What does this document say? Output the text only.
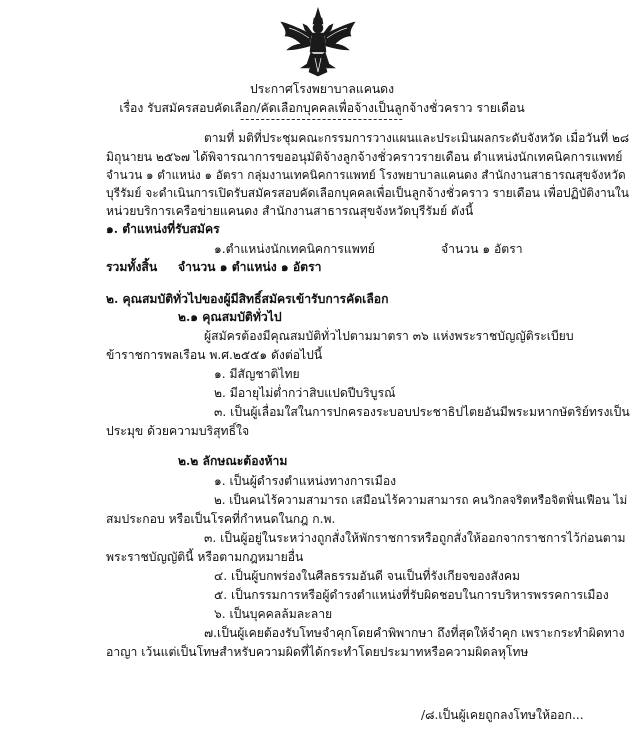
ประกาศโรงพยาบาลแคนดง
เรื่อง รับสมัครสอบคัดเลือก/คัดเลือกบุคคลเพื่อจ้างเป็นลูกจ้างชั่วคราว รายเดือน
--------------------------------
ตามที่ มติที่ประชุมคณะกรรมการวางแผนและประเมินผลกระดับจังหวัด เมื่อวันที่ ๒๘
มิถุนายน ๒๕๖๗ ได้พิจารณาการขออนุมัติจ้างลูกจ้างชั่วคราวรายเดือน ตำแหน่งนักเทคนิคการแพทย์
จำนวน ๑ ตำแหน่ง ๑ อัตรา กลุ่มงานเทคนิคการแพทย์ โรงพยาบาลแคนดง สำนักงานสาธารณสุขจังหวัด
บุรีรัมย์ จะดำเนินการเปิดรับสมัครสอบคัดเลือกบุคคลเพื่อเป็นลูกจ้างชั่วคราว รายเดือน เพื่อปฏิบัติงานใน
หน่วยบริการเครือข่ายแคนดง สำนักงานสาธารณสุขจังหวัดบุรีรัมย์ ดังนี้
๑. ตำแหน่งที่รับสมัคร
๑.ตำแหน่งนักเทคนิคการแพทย์	จำนวน ๑ อัตรา
รวมทั้งสิ้น จำนวน ๑ ตำแหน่ง ๑ อัตรา
๒. คุณสมบัติทั่วไปของผู้มีสิทธิ์สมัครเข้ารับการคัดเลือก
๒.๑ คุณสมบัติทั่วไป
ผู้สมัครต้องมีคุณสมบัติทั่วไปตามมาตรา ๓๖ แห่งพระราชบัญญัติระเบียบ
ข้าราชการพลเรือน พ.ศ.๒๕๕๑ ดังต่อไปนี้
๑. มีสัญชาติไทย
๒. มีอายุไม่ต่ำกว่าสิบแปดปีบริบูรณ์
๓. เป็นผู้เลื่อมใสในการปกครองระบอบประชาธิปไตยอันมีพระมหากษัตริย์ทรงเป็น
ประมุข ด้วยความบริสุทธิ์ใจ
๒.๒ ลักษณะต้องห้าม
๑. เป็นผู้ดำรงตำแหน่งทางการเมือง
๒. เป็นคนไร้ความสามารถ เสมือนไร้ความสามารถ คนวิกลจริตหรือจิตฟั่นเฟือน ไม่
สมประกอบ หรือเป็นโรคที่กำหนดในกฎ ก.พ.
๓. เป็นผู้อยู่ในระหว่างถูกสั่งให้พักราชการหรือถูกสั่งให้ออกจากราชการไว้ก่อนตาม
พระราชบัญญัตินี้ หรือตามกฎหมายอื่น
๔. เป็นผู้บกพร่องในศีลธรรมอันดี จนเป็นที่รังเกียจของสังคม
๕. เป็นกรรมการหรือผู้ดำรงตำแหน่งที่รับผิดชอบในการบริหารพรรคการเมือง
๖. เป็นบุคคลล้มละลาย
๗.เป็นผู้เคยต้องรับโทษจำคุกโดยคำพิพากษา ถึงที่สุดให้จำคุก เพราะกระทำผิดทาง
อาญา เว้นแต่เป็นโทษสำหรับความผิดที่ได้กระทำโดยประมาทหรือความผิดลหุโทษ
/๘.เป็นผู้เคยถูกลงโทษให้ออก...
